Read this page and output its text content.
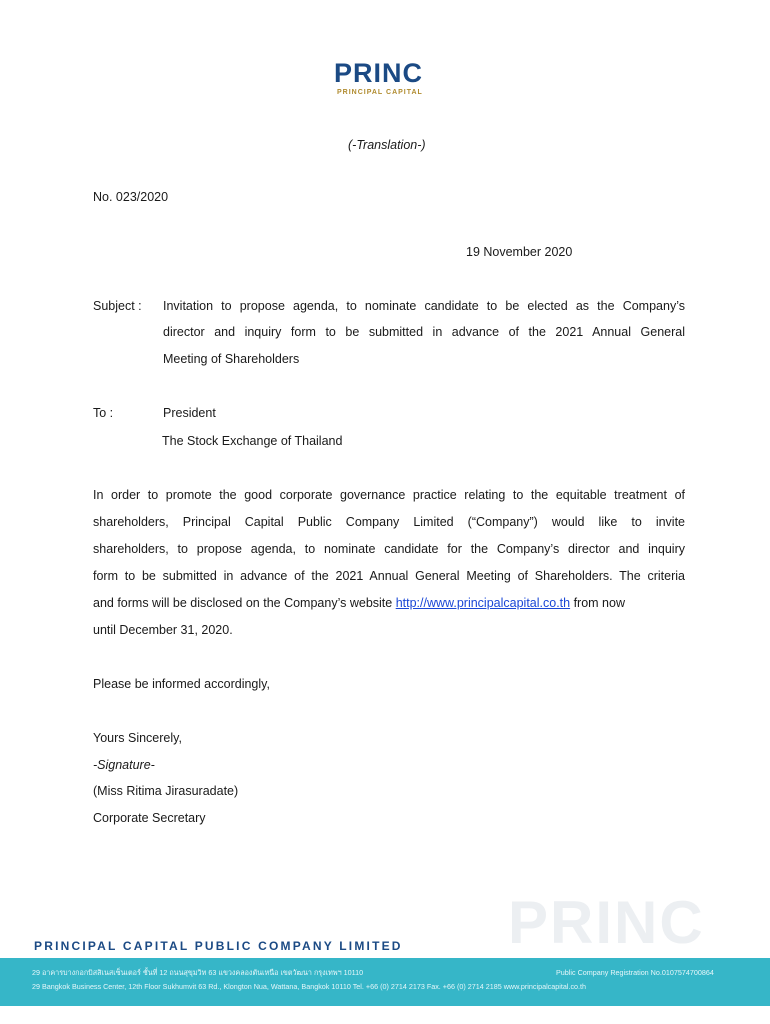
PRINC
PRINCIPAL CAPITAL
(-Translation-)
No. 023/2020
19 November 2020
Subject : Invitation to propose agenda, to nominate candidate to be elected as the Company’s
director and inquiry form to be submitted in advance of the 2021 Annual General
Meeting of Shareholders
To :	President
The Stock Exchange of Thailand
In order to promote the good corporate governance practice relating to the equitable treatment of
shareholders, Principal Capital Public Company Limited (“Company”) would like to invite
shareholders, to propose agenda, to nominate candidate for the Company’s director and inquiry
form to be submitted in advance of the 2021 Annual General Meeting of Shareholders. The criteria
and forms will be disclosed on the Company’s website http://www.principalcapital.co.th from now
until December 31, 2020.
Please be informed accordingly,
Yours Sincerely,
-Signature-
(Miss Ritima Jirasuradate)
Corporate Secretary
PRINC
PRINCIPAL CAPITAL PUBLIC COMPANY LIMITED
29 อาคารบางกอกบิสสิเนสเซ็นเตอร์ ชั้นที่ 12 ถนนสุขุมวิท 63 แขวงคลองตันเหนือ เขตวัฒนา กรุงเทพฯ 10110	Public Company Registration No.0107574700864
29 Bangkok Business Center, 12th Floor Sukhumvit 63 Rd., Klongton Nua, Wattana, Bangkok 10110 Tel. +66 (0) 2714 2173 Fax. +66 (0) 2714 2185 www.principalcapital.co.th
